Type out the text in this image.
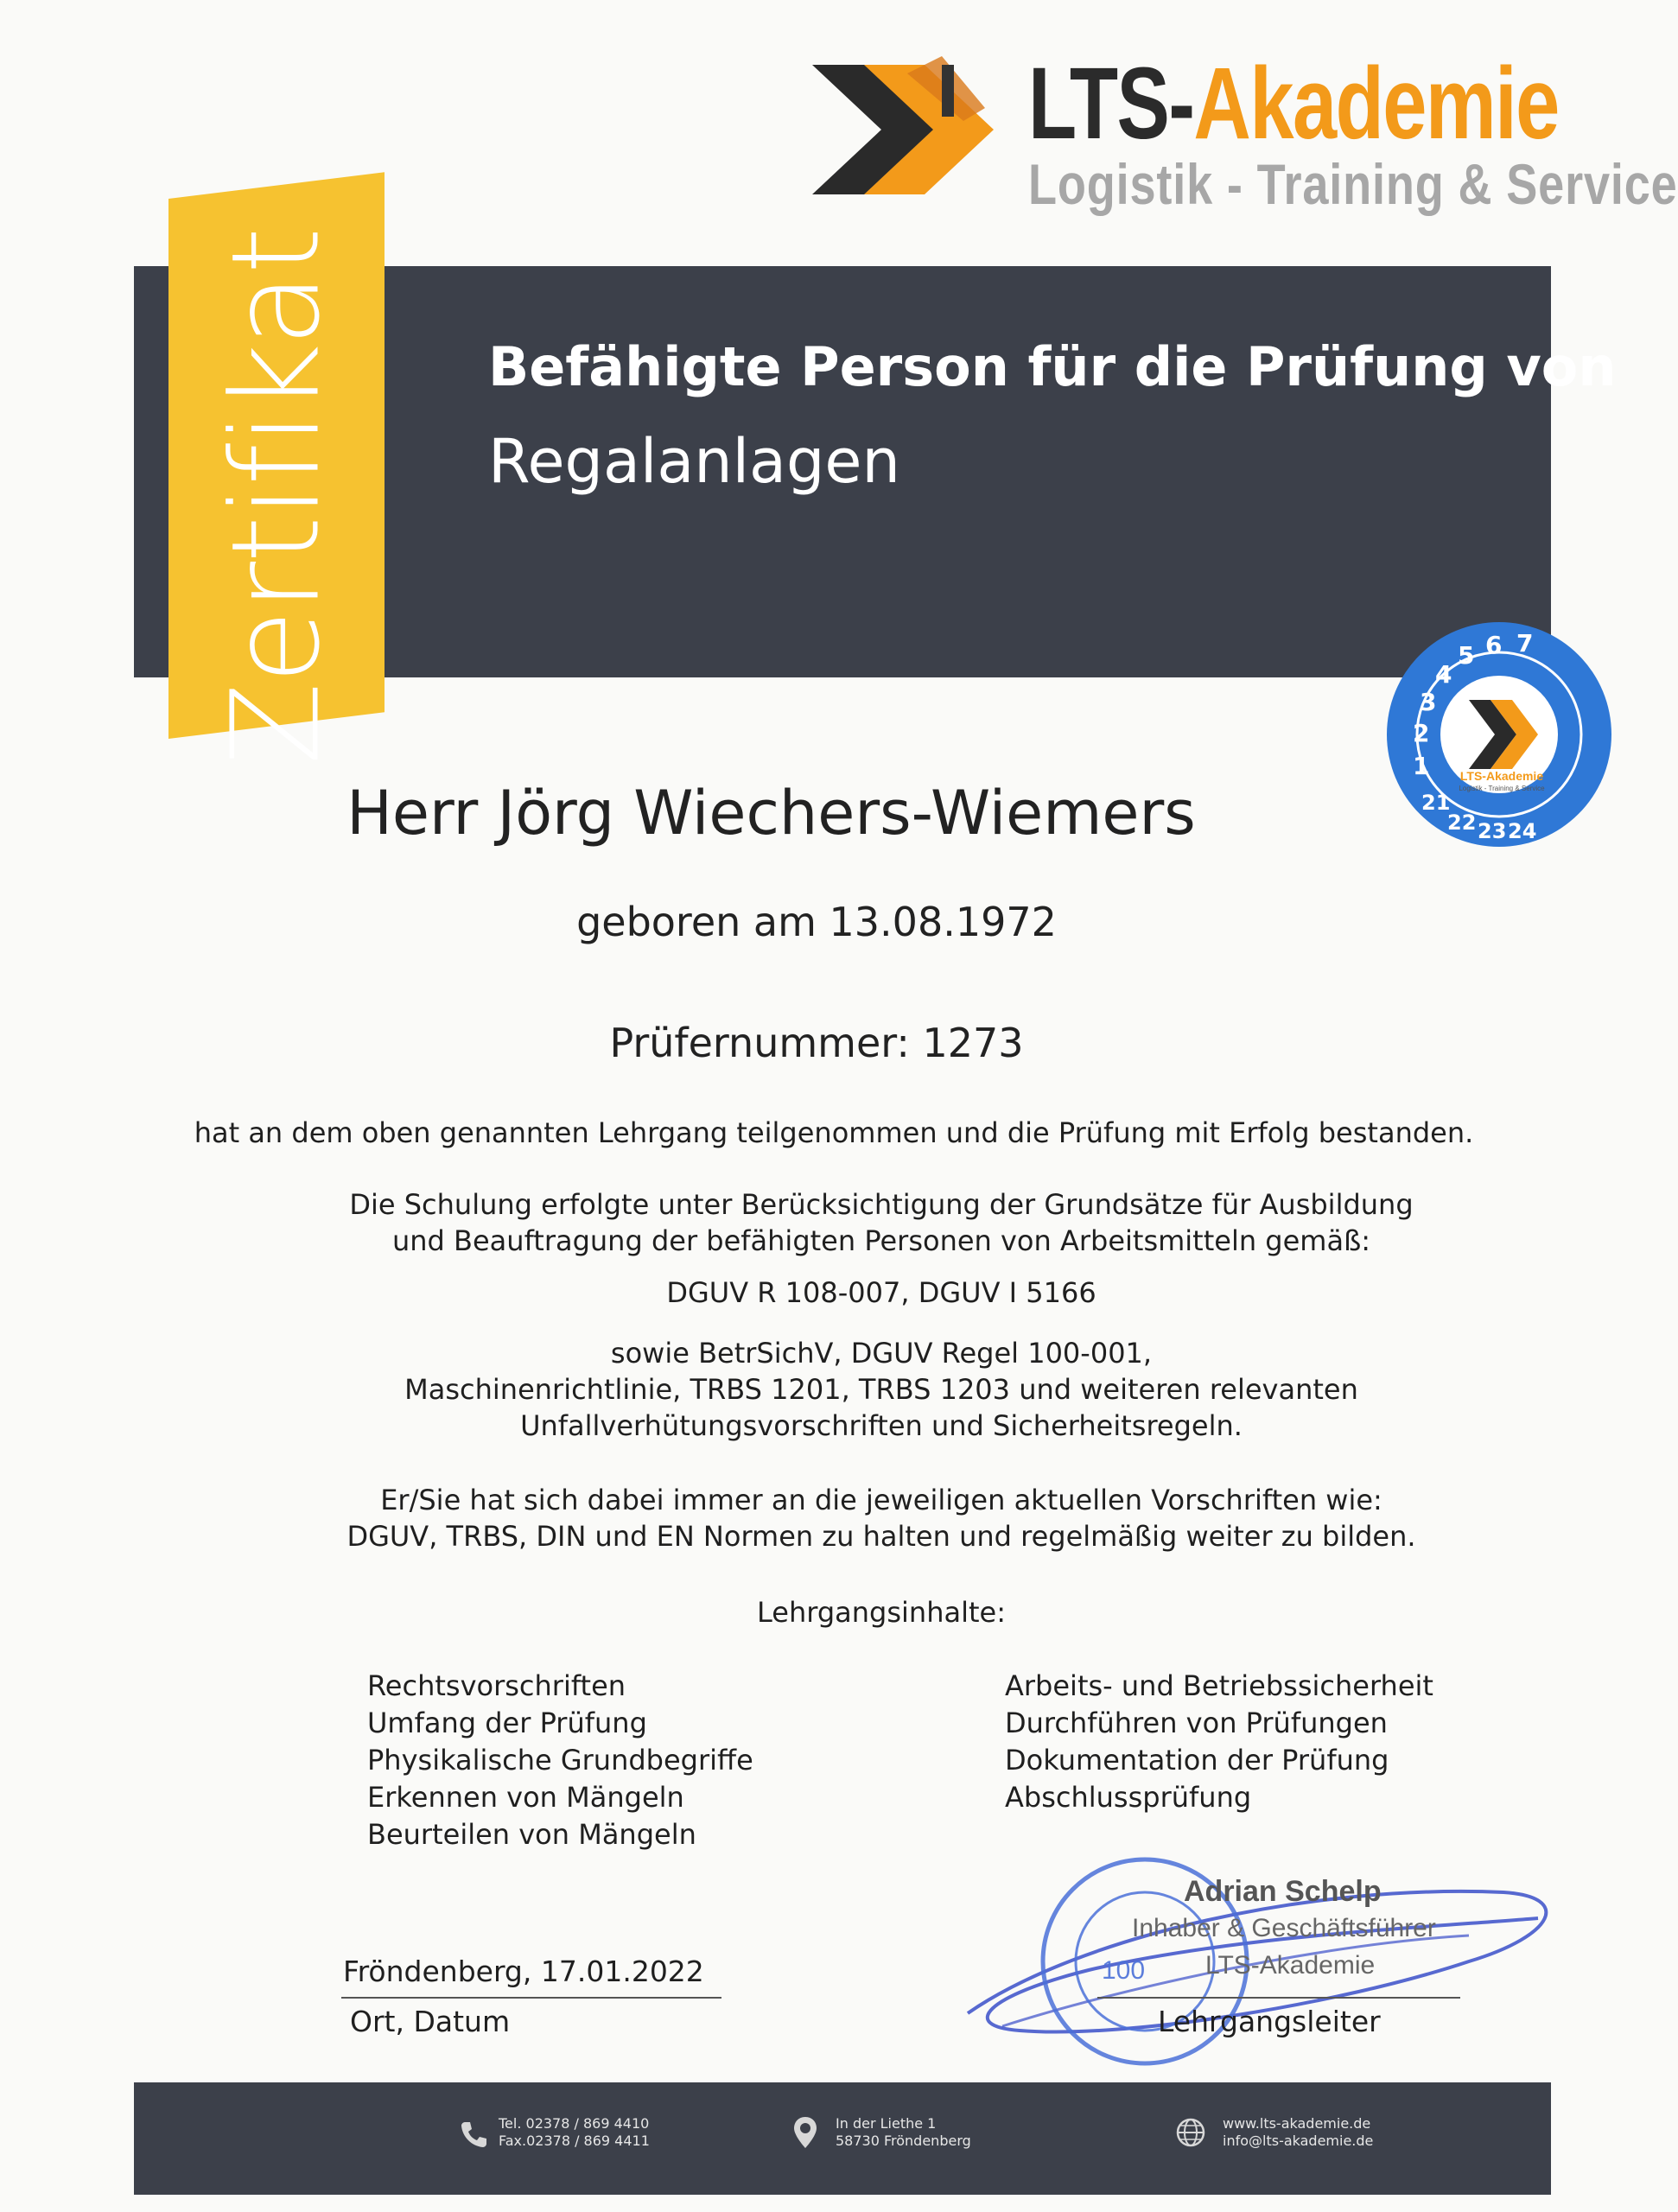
LTS-Akademie
Logistik - Training & Service
Befähigte Person für die Prüfung von
Regalanlagen
Zertifikat
1
2
3
4
5 6 7
21
22 23 24
LTS-Akademie
Logistik - Training & Service
Herr Jörg Wiechers-Wiemers
geboren am 13.08.1972
Prüfernummer: 1273
hat an dem oben genannten Lehrgang teilgenommen und die Prüfung mit Erfolg bestanden.
Die Schulung erfolgte unter Berücksichtigung der Grundsätze für Ausbildung
und Beauftragung der befähigten Personen von Arbeitsmitteln gemäß:
DGUV R 108-007, DGUV I 5166
sowie BetrSichV, DGUV Regel 100-001,
Maschinenrichtlinie, TRBS 1201, TRBS 1203 und weiteren relevanten
Unfallverhütungsvorschriften und Sicherheitsregeln.
Er/Sie hat sich dabei immer an die jeweiligen aktuellen Vorschriften wie:
DGUV, TRBS, DIN und EN Normen zu halten und regelmäßig weiter zu bilden.
Lehrgangsinhalte:
Rechtsvorschriften
Umfang der Prüfung
Physikalische Grundbegriffe
Erkennen von Mängeln
Beurteilen von Mängeln
Arbeits- und Betriebssicherheit
Durchführen von Prüfungen
Dokumentation der Prüfung
Abschlussprüfung
Fröndenberg, 17.01.2022
Ort, Datum
100
Adrian Schelp
Inhaber & Geschäftsführer
LTS-Akademie
Lehrgangsleiter
Tel. 02378 / 869 4410
Fax.02378 / 869 4411
In der Liethe 1
58730 Fröndenberg
www.lts-akademie.de
info@lts-akademie.de
